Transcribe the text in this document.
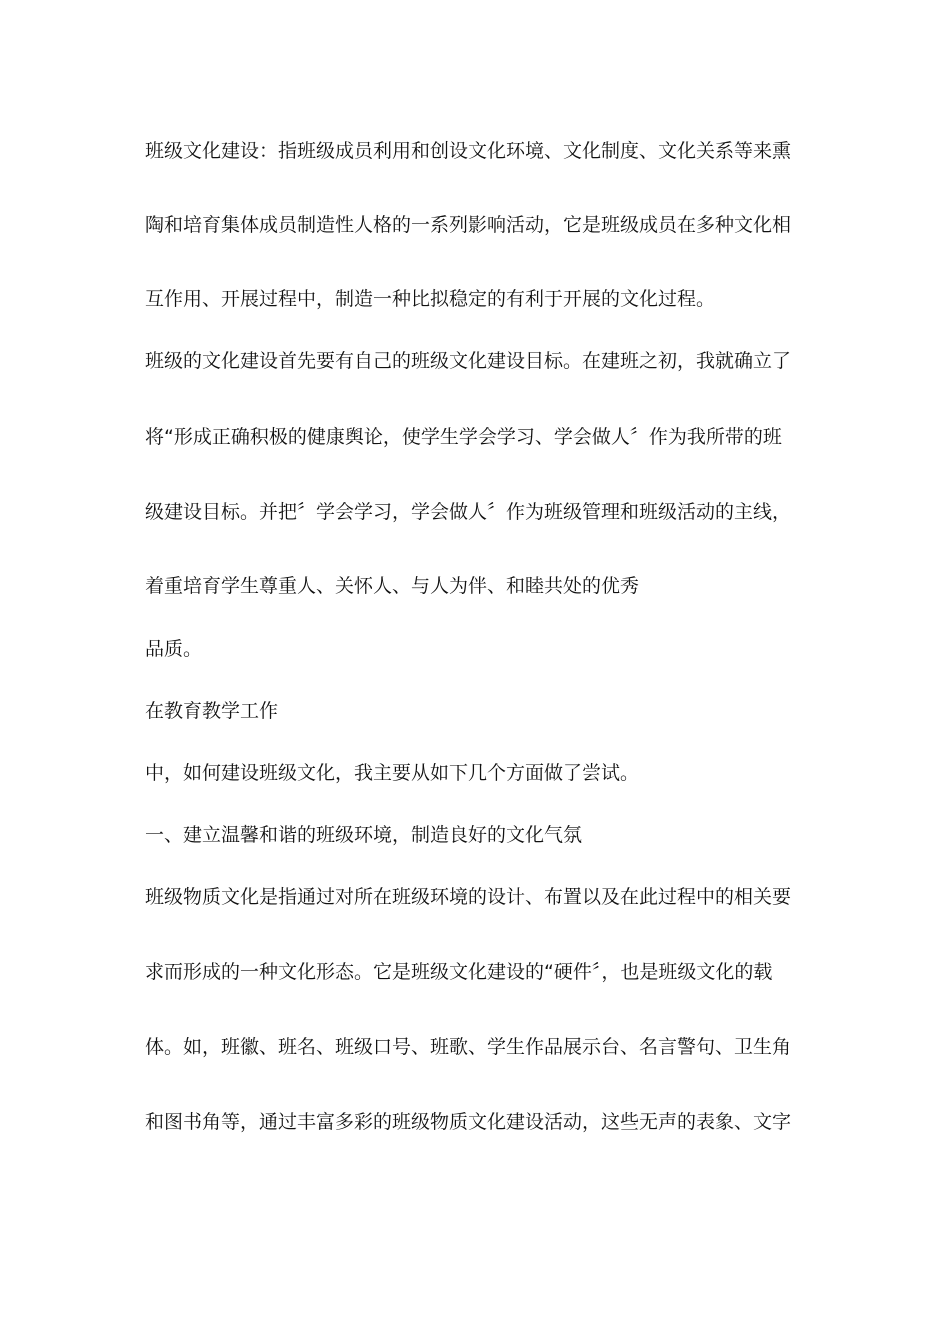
班级文化建设：指班级成员利用和创设文化环境、文化制度、文化关系等来熏
陶和培育集体成员制造性人格的一系列影响活动，它是班级成员在多种文化相
互作用、开展过程中，制造一种比拟稳定的有利于开展的文化过程。
班级的文化建设首先要有自己的班级文化建设目标。在建班之初，我就确立了
将“形成正确积极的健康舆论，使学生学会学习、学会做人〞作为我所带的班
级建设目标。并把〞学会学习，学会做人〞作为班级管理和班级活动的主线，
着重培育学生尊重人、关怀人、与人为伴、和睦共处的优秀
品质。
在教育教学工作
中，如何建设班级文化，我主要从如下几个方面做了尝试。
一、建立温馨和谐的班级环境，制造良好的文化气氛
班级物质文化是指通过对所在班级环境的设计、布置以及在此过程中的相关要
求而形成的一种文化形态。它是班级文化建设的“硬件〞，也是班级文化的载
体。如，班徽、班名、班级口号、班歌、学生作品展示台、名言警句、卫生角
和图书角等，通过丰富多彩的班级物质文化建设活动，这些无声的表象、文字
